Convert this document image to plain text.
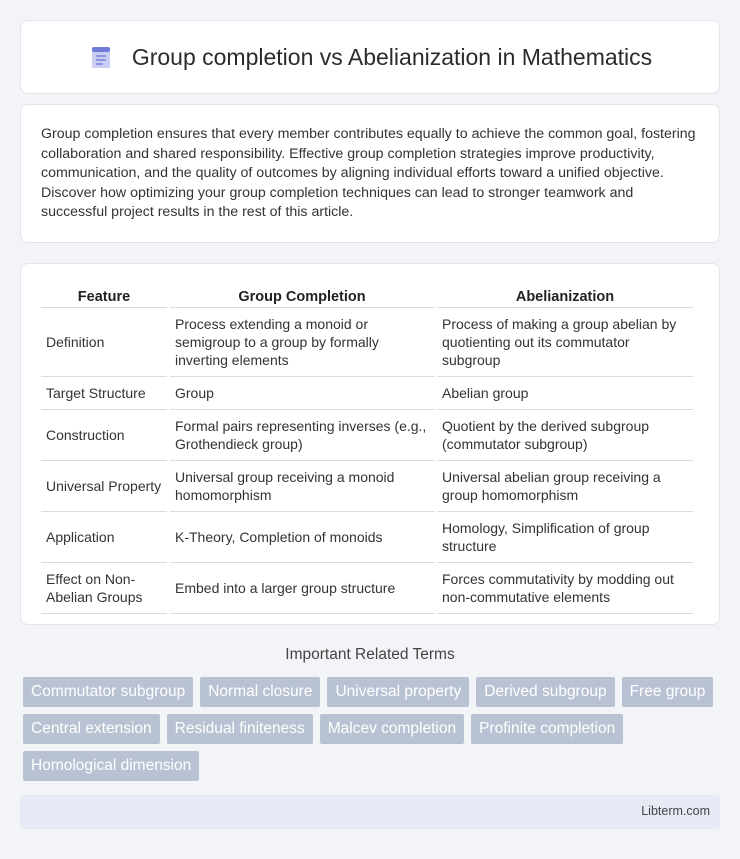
Group completion vs Abelianization in Mathematics

Group completion ensures that every member contributes equally to achieve the common goal, fostering collaboration and shared responsibility. Effective group completion strategies improve productivity, communication, and the quality of outcomes by aligning individual efforts toward a unified objective. Discover how optimizing your group completion techniques can lead to stronger teamwork and successful project results in the rest of this article.

Feature	Group Completion	Abelianization
Definition	Process extending a monoid or semigroup to a group by formally inverting elements	Process of making a group abelian by quotienting out its commutator subgroup
Target Structure	Group	Abelian group
Construction	Formal pairs representing inverses (e.g., Grothendieck group)	Quotient by the derived subgroup (commutator subgroup)
Universal Property	Universal group receiving a monoid homomorphism	Universal abelian group receiving a group homomorphism
Application	K-Theory, Completion of monoids	Homology, Simplification of group structure
Effect on Non-Abelian Groups	Embed into a larger group structure	Forces commutativity by modding out non-commutative elements
Important Related Terms
Commutator subgroup	Normal closure	Universal property	Derived subgroup	Free group
Central extension	Residual finiteness	Malcev completion	Profinite completion
Homological dimension
Libterm.com
